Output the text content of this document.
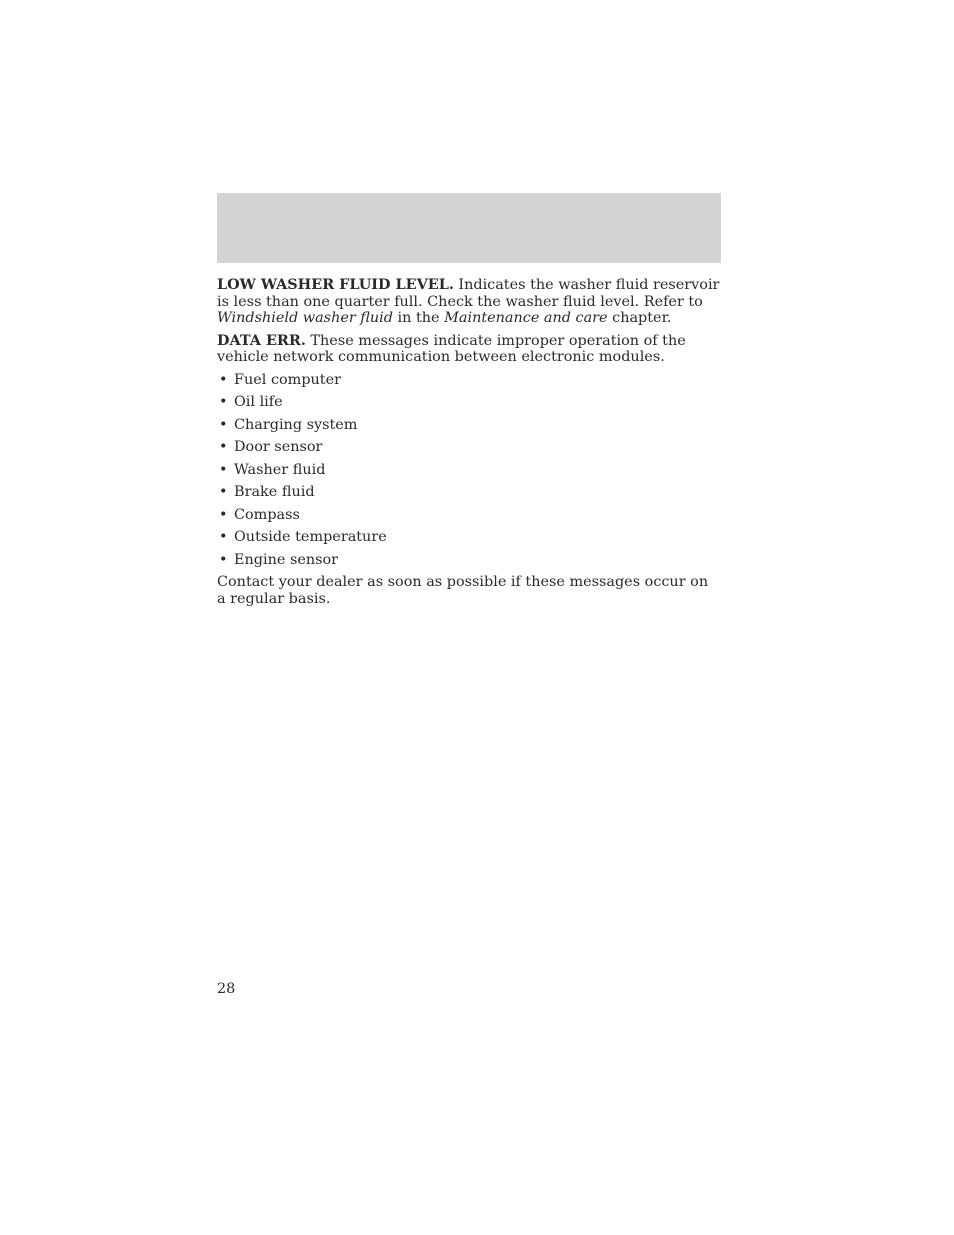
LOW WASHER FLUID LEVEL. Indicates the washer fluid reservoir is less than one quarter full. Check the washer fluid level. Refer to Windshield washer fluid in the Maintenance and care chapter.

DATA ERR. These messages indicate improper operation of the vehicle network communication between electronic modules.

• Fuel computer
• Oil life
• Charging system
• Door sensor
• Washer fluid
• Brake fluid
• Compass
• Outside temperature
• Engine sensor

Contact your dealer as soon as possible if these messages occur on a regular basis.

28
